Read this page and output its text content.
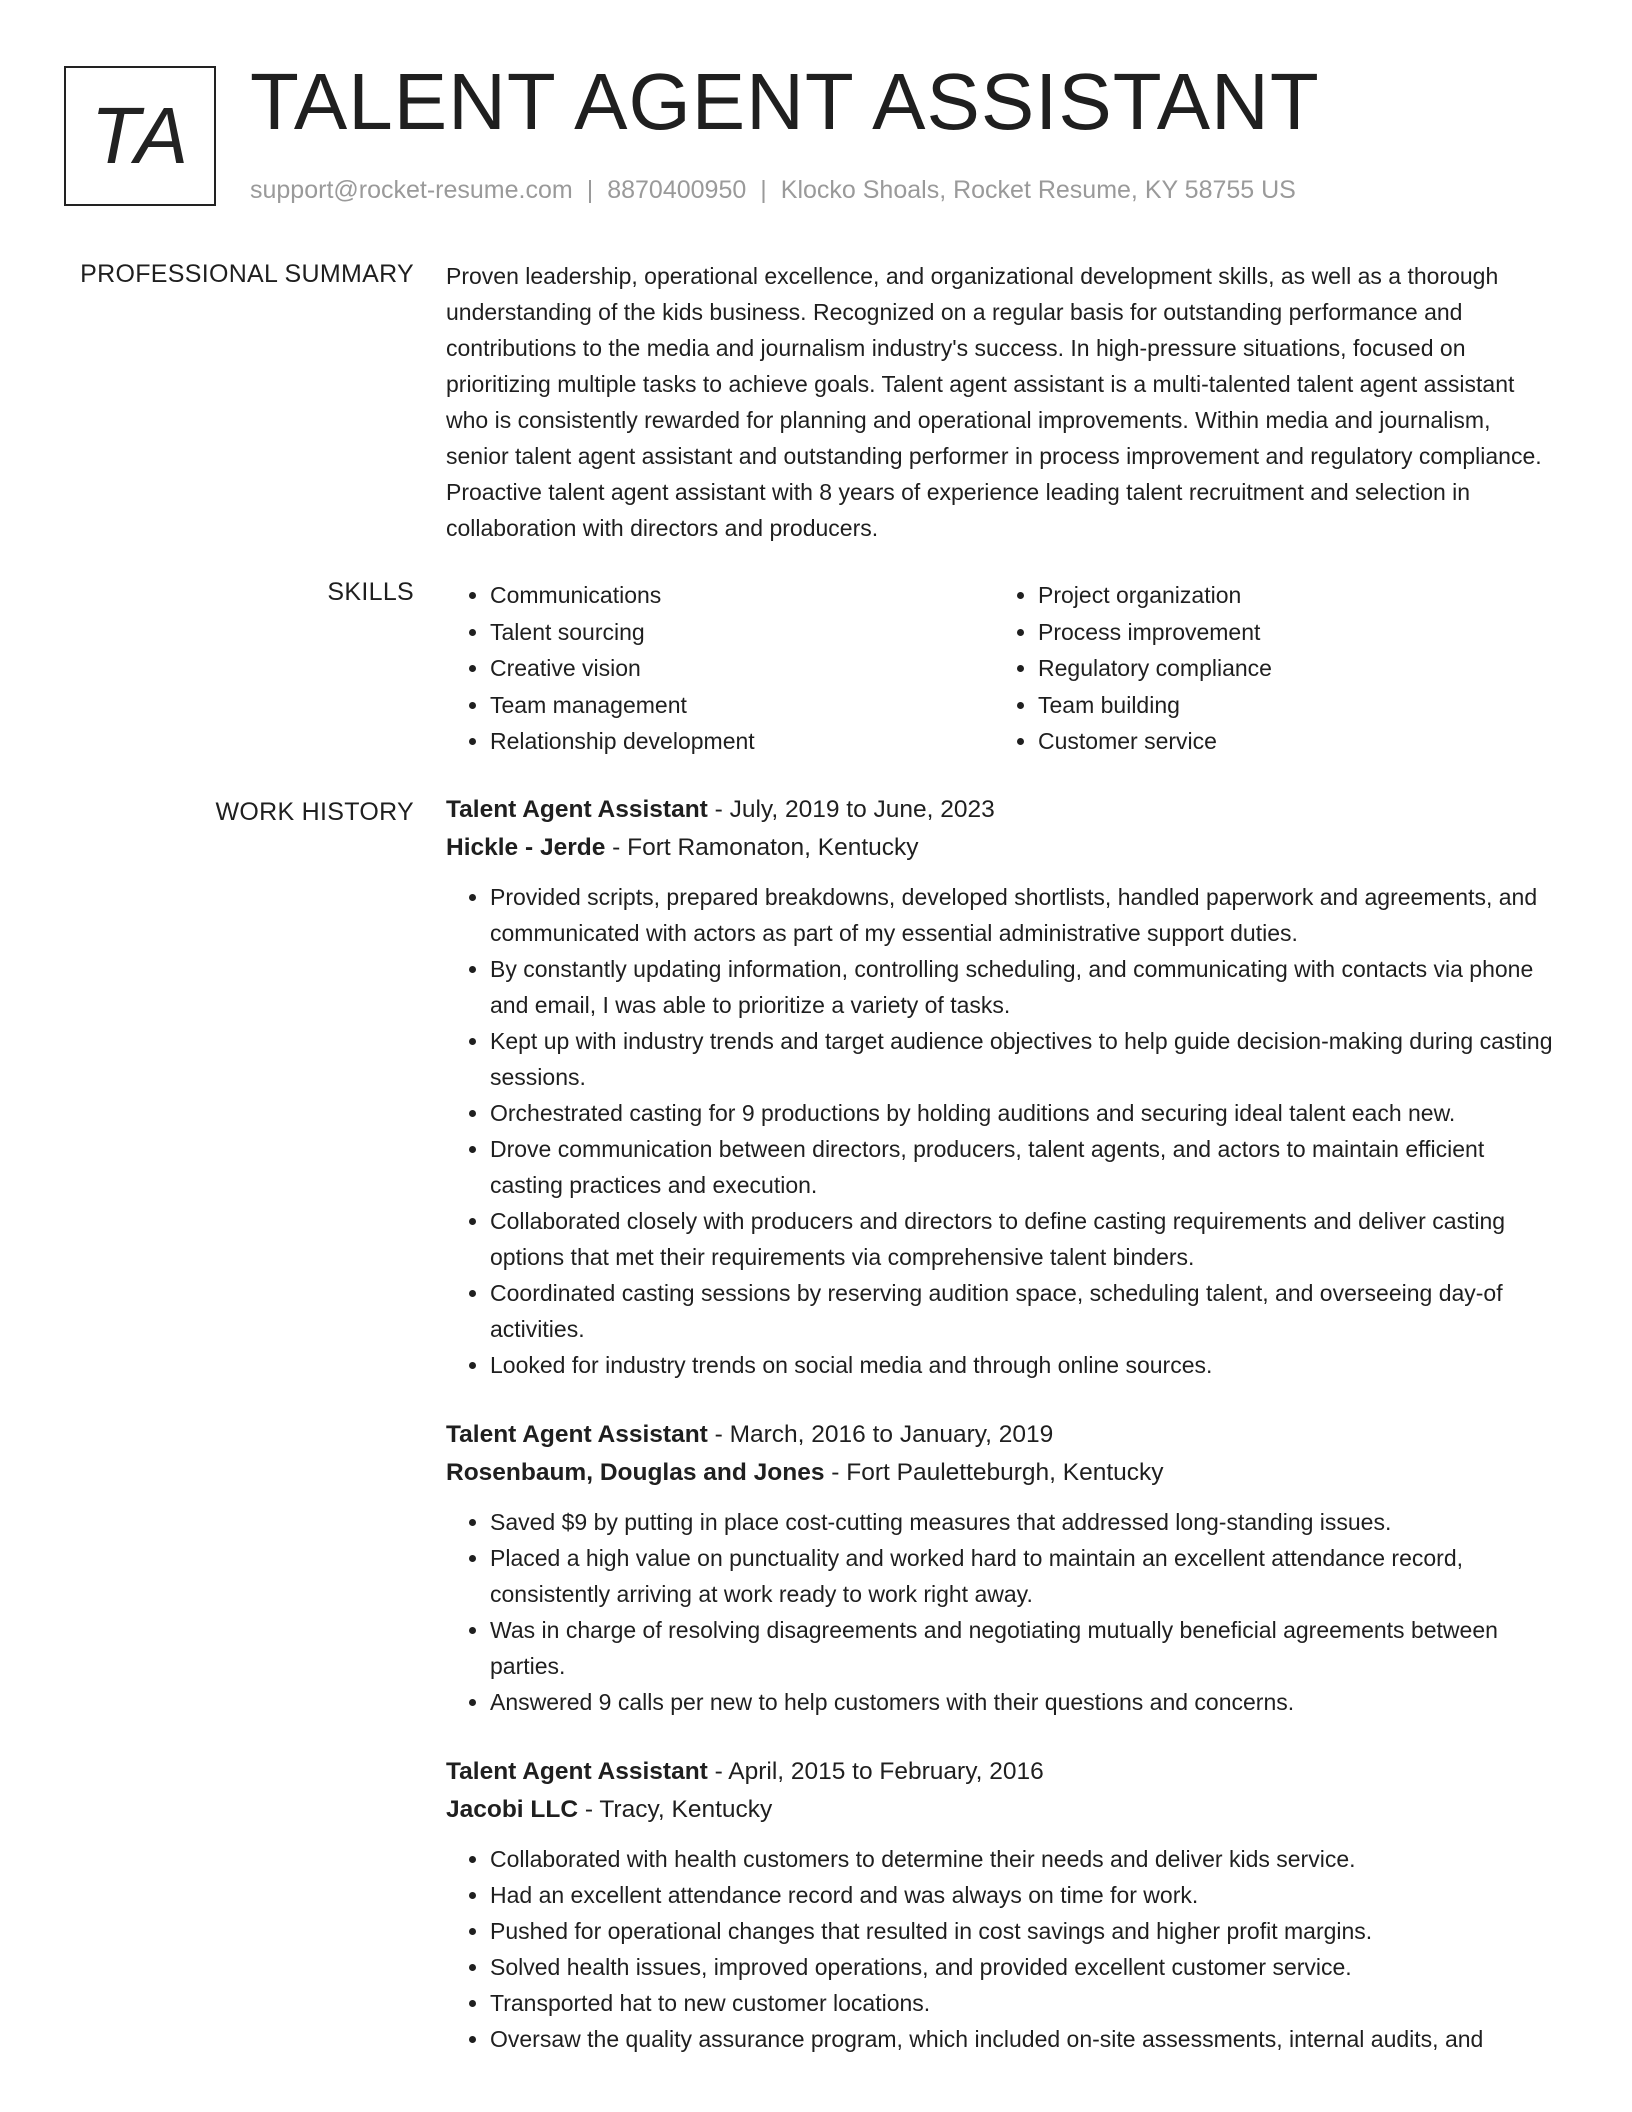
TA TALENT AGENT ASSISTANT
support@rocket-resume.com | 8870400950 | Klocko Shoals, Rocket Resume, KY 58755 US
PROFESSIONAL SUMMARY Proven leadership, operational excellence, and organizational development skills, as well as a thorough understanding of the kids business. Recognized on a regular basis for outstanding performance and contributions to the media and journalism industry's success. In high-pressure situations, focused on prioritizing multiple tasks to achieve goals. Talent agent assistant is a multi-talented talent agent assistant who is consistently rewarded for planning and operational improvements. Within media and journalism, senior talent agent assistant and outstanding performer in process improvement and regulatory compliance. Proactive talent agent assistant with 8 years of experience leading talent recruitment and selection in collaboration with directors and producers.
SKILLS
•	Communications
• Talent sourcing
• Creative vision
• Team management
• Relationship development
• Project organization
• Process improvement
• Regulatory compliance
• Team building
• Customer service
WORK HISTORY Talent Agent Assistant - July, 2019 to June, 2023
Hickle - Jerde - Fort Ramonaton, Kentucky
• Provided scripts, prepared breakdowns, developed shortlists, handled paperwork and agreements, and communicated with actors as part of my essential administrative support duties.
• By constantly updating information, controlling scheduling, and communicating with contacts via phone and email, I was able to prioritize a variety of tasks.
• Kept up with industry trends and target audience objectives to help guide decision-making during casting sessions.
• Orchestrated casting for 9 productions by holding auditions and securing ideal talent each new.
• Drove communication between directors, producers, talent agents, and actors to maintain efficient casting practices and execution.
• Collaborated closely with producers and directors to define casting requirements and deliver casting options that met their requirements via comprehensive talent binders.
• Coordinated casting sessions by reserving audition space, scheduling talent, and overseeing day-of activities.
• Looked for industry trends on social media and through online sources.
Talent Agent Assistant - March, 2016 to January, 2019
Rosenbaum, Douglas and Jones - Fort Pauletteburgh, Kentucky
• Saved $9 by putting in place cost-cutting measures that addressed long-standing issues.
• Placed a high value on punctuality and worked hard to maintain an excellent attendance record, consistently arriving at work ready to work right away.
• Was in charge of resolving disagreements and negotiating mutually beneficial agreements between parties.
• Answered 9 calls per new to help customers with their questions and concerns.
Talent Agent Assistant - April, 2015 to February, 2016
Jacobi LLC - Tracy, Kentucky
• Collaborated with health customers to determine their needs and deliver kids service.
• Had an excellent attendance record and was always on time for work.
• Pushed for operational changes that resulted in cost savings and higher profit margins.
• Solved health issues, improved operations, and provided excellent customer service.
• Transported hat to new customer locations.
• Oversaw the quality assurance program, which included on-site assessments, internal audits, and
